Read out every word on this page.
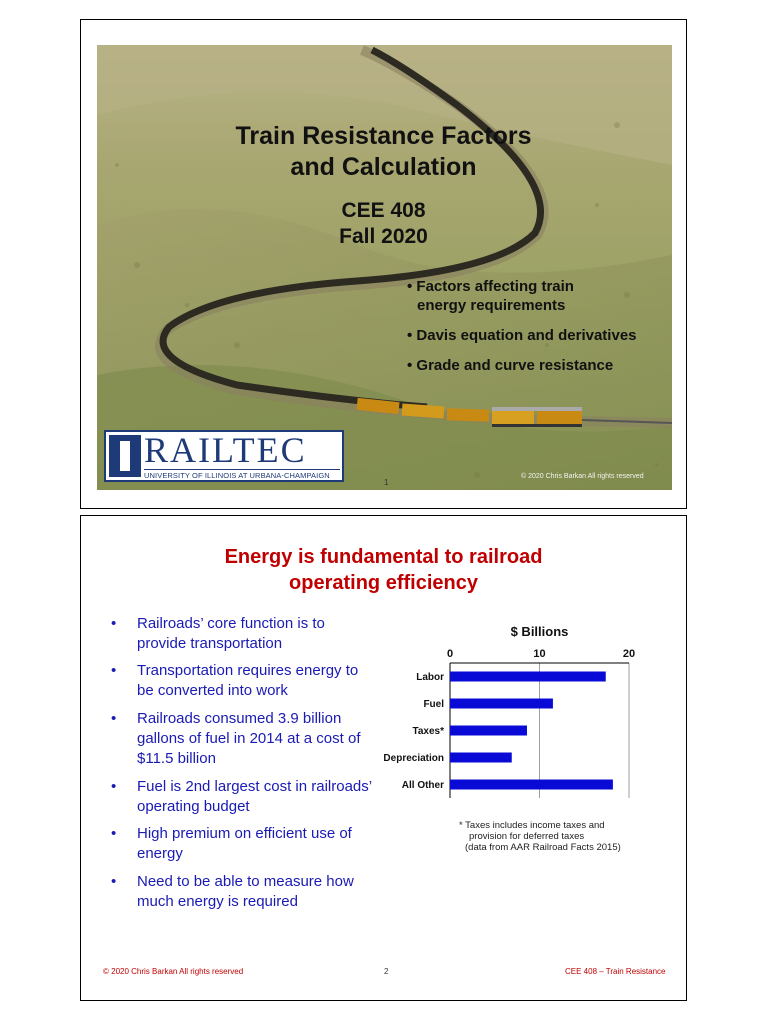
Train Resistance Factors
and Calculation
CEE 408
Fall 2020
• Factors affecting train
energy requirements
• Davis equation and derivatives
• Grade and curve resistance
RAILTEC
UNIVERSITY OF ILLINOIS AT URBANA-CHAMPAIGN
1
© 2020 Chris Barkan All rights reserved
Energy is fundamental to railroad
operating efficiency
• Railroads’ core function is to provide transportation
• Transportation requires energy to be converted into work
• Railroads consumed 3.9 billion gallons of fuel in 2014 at a cost of $11.5 billion
• Fuel is 2nd largest cost in railroads’ operating budget
• High premium on efficient use of energy
• Need to be able to measure how much energy is required
$ Billions
0	10	20
Labor
Fuel
Taxes*
Depreciation
All Other
* Taxes includes income taxes and
provision for deferred taxes
(data from AAR Railroad Facts 2015)
© 2020 Chris Barkan All rights reserved	2	CEE 408 – Train Resistance
